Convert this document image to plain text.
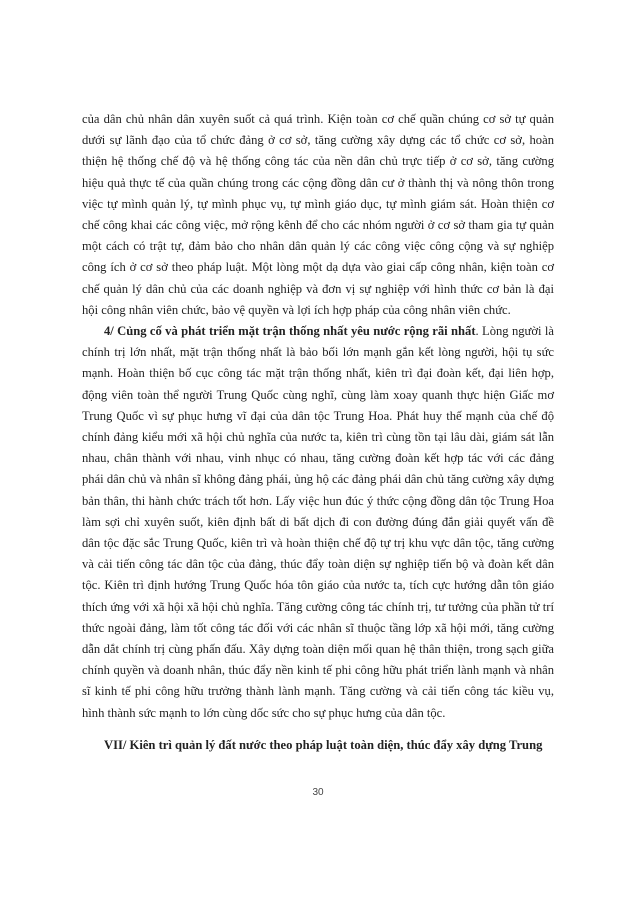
của dân chủ nhân dân xuyên suốt cả quá trình. Kiện toàn cơ chế quần chúng cơ sở tự quản dưới sự lãnh đạo của tổ chức đảng ở cơ sở, tăng cường xây dựng các tổ chức cơ sở, hoàn thiện hệ thống chế độ và hệ thống công tác của nền dân chủ trực tiếp ở cơ sở, tăng cường hiệu quả thực tế của quần chúng trong các cộng đồng dân cư ở thành thị và nông thôn trong việc tự mình quản lý, tự mình phục vụ, tự mình giáo dục, tự mình giám sát. Hoàn thiện cơ chế công khai các công việc, mở rộng kênh để cho các nhóm người ở cơ sở tham gia tự quản một cách có trật tự, đảm bảo cho nhân dân quản lý các công việc công cộng và sự nghiệp công ích ở cơ sở theo pháp luật. Một lòng một dạ dựa vào giai cấp công nhân, kiện toàn cơ chế quản lý dân chủ của các doanh nghiệp và đơn vị sự nghiệp với hình thức cơ bản là đại hội công nhân viên chức, bảo vệ quyền và lợi ích hợp pháp của công nhân viên chức.

4/ Củng cố và phát triển mặt trận thống nhất yêu nước rộng rãi nhất. Lòng người là chính trị lớn nhất, mặt trận thống nhất là bảo bối lớn mạnh gắn kết lòng người, hội tụ sức mạnh. Hoàn thiện bố cục công tác mặt trận thống nhất, kiên trì đại đoàn kết, đại liên hợp, động viên toàn thể người Trung Quốc cùng nghĩ, cùng làm xoay quanh thực hiện Giấc mơ Trung Quốc vì sự phục hưng vĩ đại của dân tộc Trung Hoa. Phát huy thế mạnh của chế độ chính đảng kiểu mới xã hội chủ nghĩa của nước ta, kiên trì cùng tồn tại lâu dài, giám sát lẫn nhau, chân thành với nhau, vinh nhục có nhau, tăng cường đoàn kết hợp tác với các đảng phái dân chủ và nhân sĩ không đảng phái, ủng hộ các đảng phái dân chủ tăng cường xây dựng bản thân, thi hành chức trách tốt hơn. Lấy việc hun đúc ý thức cộng đồng dân tộc Trung Hoa làm sợi chỉ xuyên suốt, kiên định bất di bất dịch đi con đường đúng đắn giải quyết vấn đề dân tộc đặc sắc Trung Quốc, kiên trì và hoàn thiện chế độ tự trị khu vực dân tộc, tăng cường và cải tiến công tác dân tộc của đảng, thúc đẩy toàn diện sự nghiệp tiến bộ và đoàn kết dân tộc. Kiên trì định hướng Trung Quốc hóa tôn giáo của nước ta, tích cực hướng dẫn tôn giáo thích ứng với xã hội xã hội chủ nghĩa. Tăng cường công tác chính trị, tư tưởng của phần tử trí thức ngoài đảng, làm tốt công tác đối với các nhân sĩ thuộc tầng lớp xã hội mới, tăng cường dẫn dắt chính trị cùng phấn đấu. Xây dựng toàn diện mối quan hệ thân thiện, trong sạch giữa chính quyền và doanh nhân, thúc đẩy nền kinh tế phi công hữu phát triển lành mạnh và nhân sĩ kinh tế phi công hữu trưởng thành lành mạnh. Tăng cường và cải tiến công tác kiều vụ, hình thành sức mạnh to lớn cùng dốc sức cho sự phục hưng của dân tộc.

VII/ Kiên trì quản lý đất nước theo pháp luật toàn diện, thúc đẩy xây dựng Trung
30
